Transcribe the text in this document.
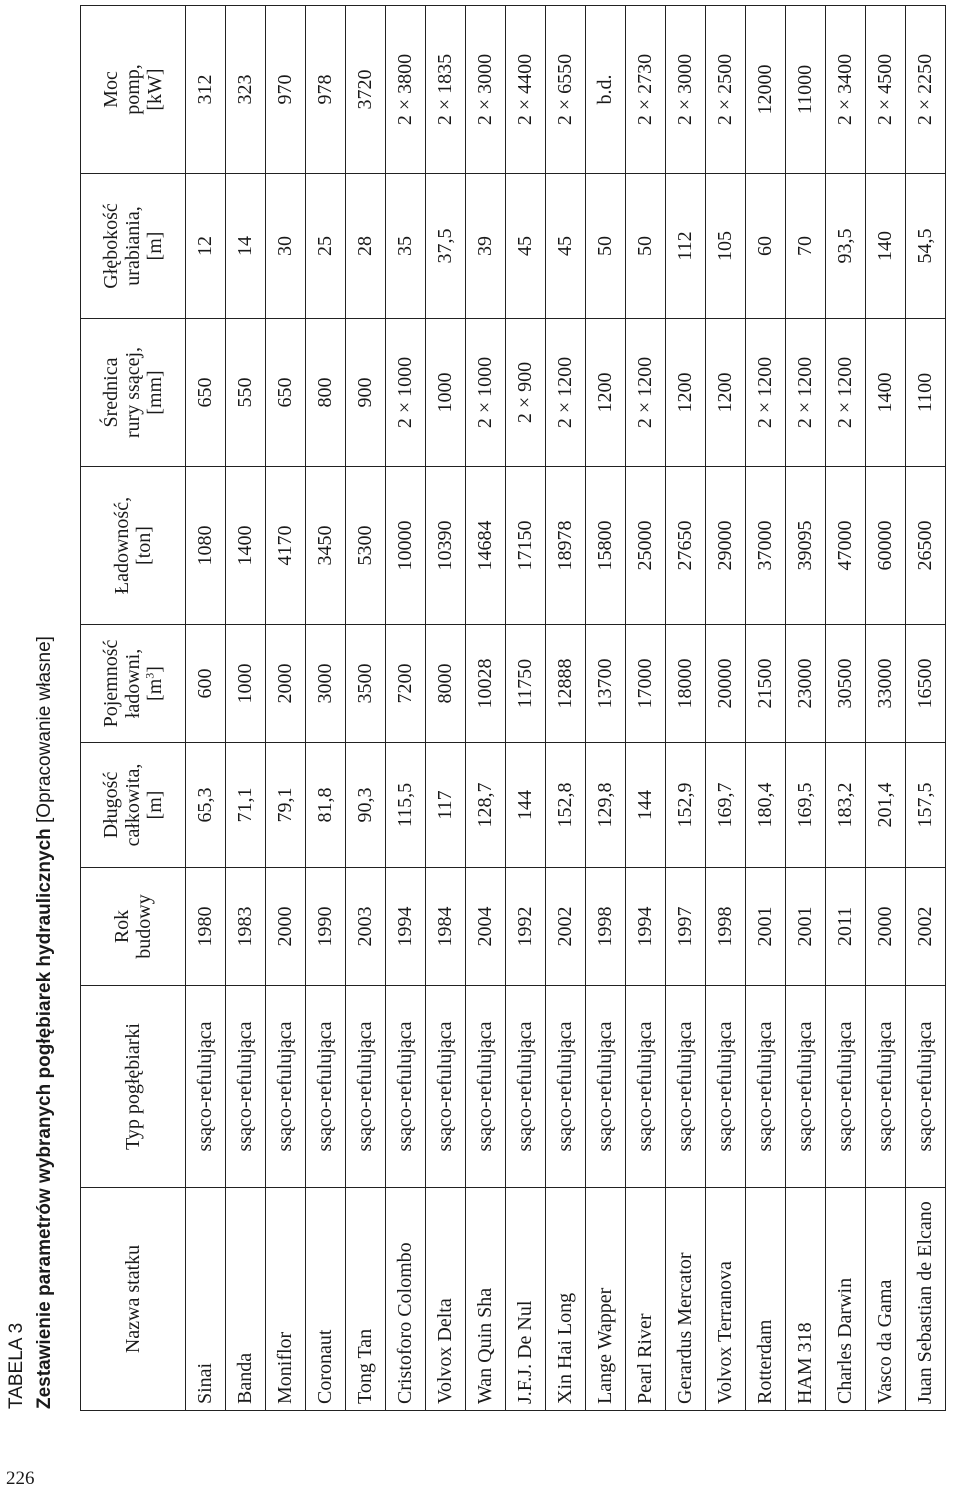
226
TABELA 3 Zestawienie parametrów wybranych pogłębiarek hydraulicznych [Opracowanie własne]
Nazwa statku	Typ pogłębiarki	Rok budowy	Długość całkowita, [m]	Pojemność ładowni, $[m^3]$	Ładowność, [ton]	Średnica rury ssącej, [mm]	Głębokość urabiania, [m]	Moc pomp, [kW]

Sinai	ssąco-refulująca	1980	65,3	600	1080	650	12	312
Banda	ssąco-refulująca	1983	71,1	1000	1400	550	14	323
Moniflor	ssąco-refulująca	2000	79,1	2000	4170	650	30	970
Coronaut	ssąco-refulująca	1990	81,8	3000	3450	800	25	978
Tong Tan	ssąco-refulująca	2003	90,3	3500	5300	900	28	3720
Cristoforo Colombo	ssąco-refulująca	1994	115,5	7200	10000	2 × 1000	35	2 × 3800
Volvox Delta	ssąco-refulująca	1984	117	8000	10390	1000	37,5	2 × 1835
Wan Quin Sha	ssąco-refulująca	2004	128,7	10028	14684	2 × 1000	39	2 × 3000
J.F.J. De Nul	ssąco-refulująca	1992	144	11750	17150	2 × 900	45	2 × 4400
Xin Hai Long	ssąco-refulująca	2002	152,8	12888	18978	2 × 1200	45	2 × 6550
Lange Wapper	ssąco-refulująca	1998	129,8	13700	15800	1200	50	b.d.
Pearl River	ssąco-refulująca	1994	144	17000	25000	2 × 1200	50	2 × 2730
Gerardus Mercator	ssąco-refulująca	1997	152,9	18000	27650	1200	112	2 × 3000
Volvox Terranova	ssąco-refulująca	1998	169,7	20000	29000	1200	105	2 × 2500
Rotterdam	ssąco-refulująca	2001	180,4	21500	37000	2 × 1200	60	12000
HAM 318	ssąco-refulująca	2001	169,5	23000	39095	2 × 1200	70	11000
Charles Darwin	ssąco-refulująca	2011	183,2	30500	47000	2 × 1200	93,5	2 × 3400
Vasco da Gama	ssąco-refulująca	2000	201,4	33000	60000	1400	140	2 × 4500
Juan Sebastian de Elcano	ssąco-refulująca	2002	157,5	16500	26500	1100	54,5	2 × 2250
